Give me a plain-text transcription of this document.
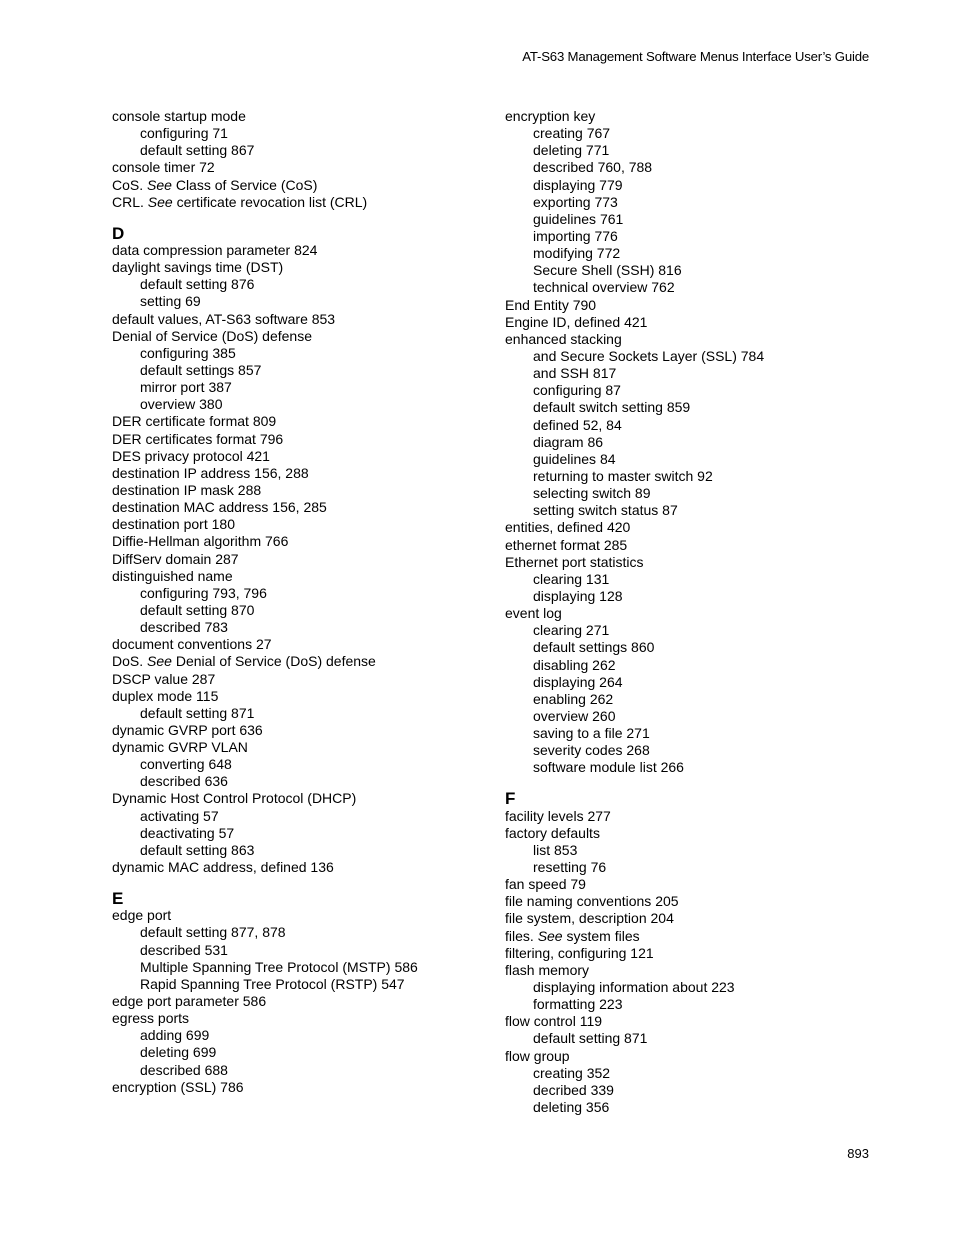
AT-S63 Management Software Menus Interface User’s Guide
console startup mode
configuring 71
default setting 867
console timer 72
CoS. See Class of Service (CoS)
CRL. See certificate revocation list (CRL)
D
data compression parameter 824
daylight savings time (DST)
default setting 876
setting 69
default values, AT-S63 software 853
Denial of Service (DoS) defense
configuring 385
default settings 857
mirror port 387
overview 380
DER certificate format 809
DER certificates format 796
DES privacy protocol 421
destination IP address 156, 288
destination IP mask 288
destination MAC address 156, 285
destination port 180
Diffie-Hellman algorithm 766
DiffServ domain 287
distinguished name
configuring 793, 796
default setting 870
described 783
document conventions 27
DoS. See Denial of Service (DoS) defense
DSCP value 287
duplex mode 115
default setting 871
dynamic GVRP port 636
dynamic GVRP VLAN
converting 648
described 636
Dynamic Host Control Protocol (DHCP)
activating 57
deactivating 57
default setting 863
dynamic MAC address, defined 136
E
edge port
default setting 877, 878
described 531
Multiple Spanning Tree Protocol (MSTP) 586
Rapid Spanning Tree Protocol (RSTP) 547
edge port parameter 586
egress ports
adding 699
deleting 699
described 688
encryption (SSL) 786
encryption key
creating 767
deleting 771
described 760, 788
displaying 779
exporting 773
guidelines 761
importing 776
modifying 772
Secure Shell (SSH) 816
technical overview 762
End Entity 790
Engine ID, defined 421
enhanced stacking
and Secure Sockets Layer (SSL) 784
and SSH 817
configuring 87
default switch setting 859
defined 52, 84
diagram 86
guidelines 84
returning to master switch 92
selecting switch 89
setting switch status 87
entities, defined 420
ethernet format 285
Ethernet port statistics
clearing 131
displaying 128
event log
clearing 271
default settings 860
disabling 262
displaying 264
enabling 262
overview 260
saving to a file 271
severity codes 268
software module list 266
F
facility levels 277
factory defaults
list 853
resetting 76
fan speed 79
file naming conventions 205
file system, description 204
files. See system files
filtering, configuring 121
flash memory
displaying information about 223
formatting 223
flow control 119
default setting 871
flow group
creating 352
decribed 339
deleting 356
893
